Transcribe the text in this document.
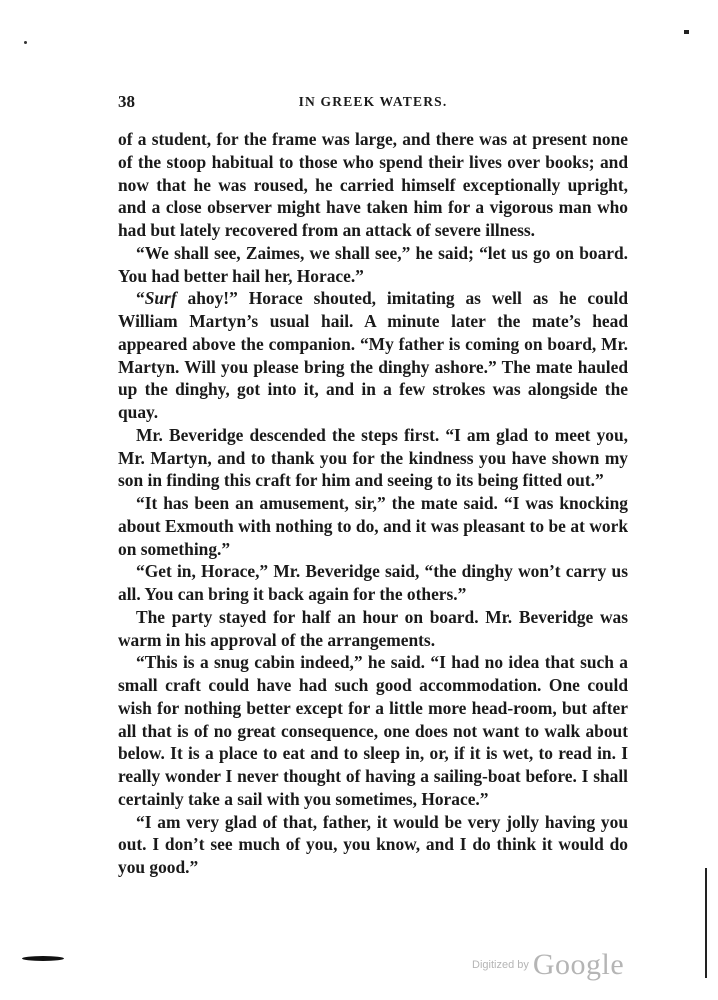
38	IN GREEK WATERS.

of a student, for the frame was large, and there was at present none of the stoop habitual to those who spend their lives over books; and now that he was roused, he carried himself exceptionally upright, and a close observer might have taken him for a vigorous man who had but lately recovered from an attack of severe illness.

“We shall see, Zaimes, we shall see,” he said; “let us go on board. You had better hail her, Horace.”

“Surf ahoy!” Horace shouted, imitating as well as he could William Martyn’s usual hail. A minute later the mate’s head appeared above the companion. “My father is coming on board, Mr. Martyn. Will you please bring the dinghy ashore.” The mate hauled up the dinghy, got into it, and in a few strokes was alongside the quay.

Mr. Beveridge descended the steps first. “I am glad to meet you, Mr. Martyn, and to thank you for the kindness you have shown my son in finding this craft for him and seeing to its being fitted out.”

“It has been an amusement, sir,” the mate said. “I was knocking about Exmouth with nothing to do, and it was pleasant to be at work on something.”

“Get in, Horace,” Mr. Beveridge said, “the dinghy won’t carry us all. You can bring it back again for the others.”

The party stayed for half an hour on board. Mr. Beveridge was warm in his approval of the arrangements.

“This is a snug cabin indeed,” he said. “I had no idea that such a small craft could have had such good accommodation. One could wish for nothing better except for a little more head-room, but after all that is of no great consequence, one does not want to walk about below. It is a place to eat and to sleep in, or, if it is wet, to read in. I really wonder I never thought of having a sailing-boat before. I shall certainly take a sail with you sometimes, Horace.”

“I am very glad of that, father, it would be very jolly having you out. I don’t see much of you, you know, and I do think it would do you good.”

Digitized by Google
